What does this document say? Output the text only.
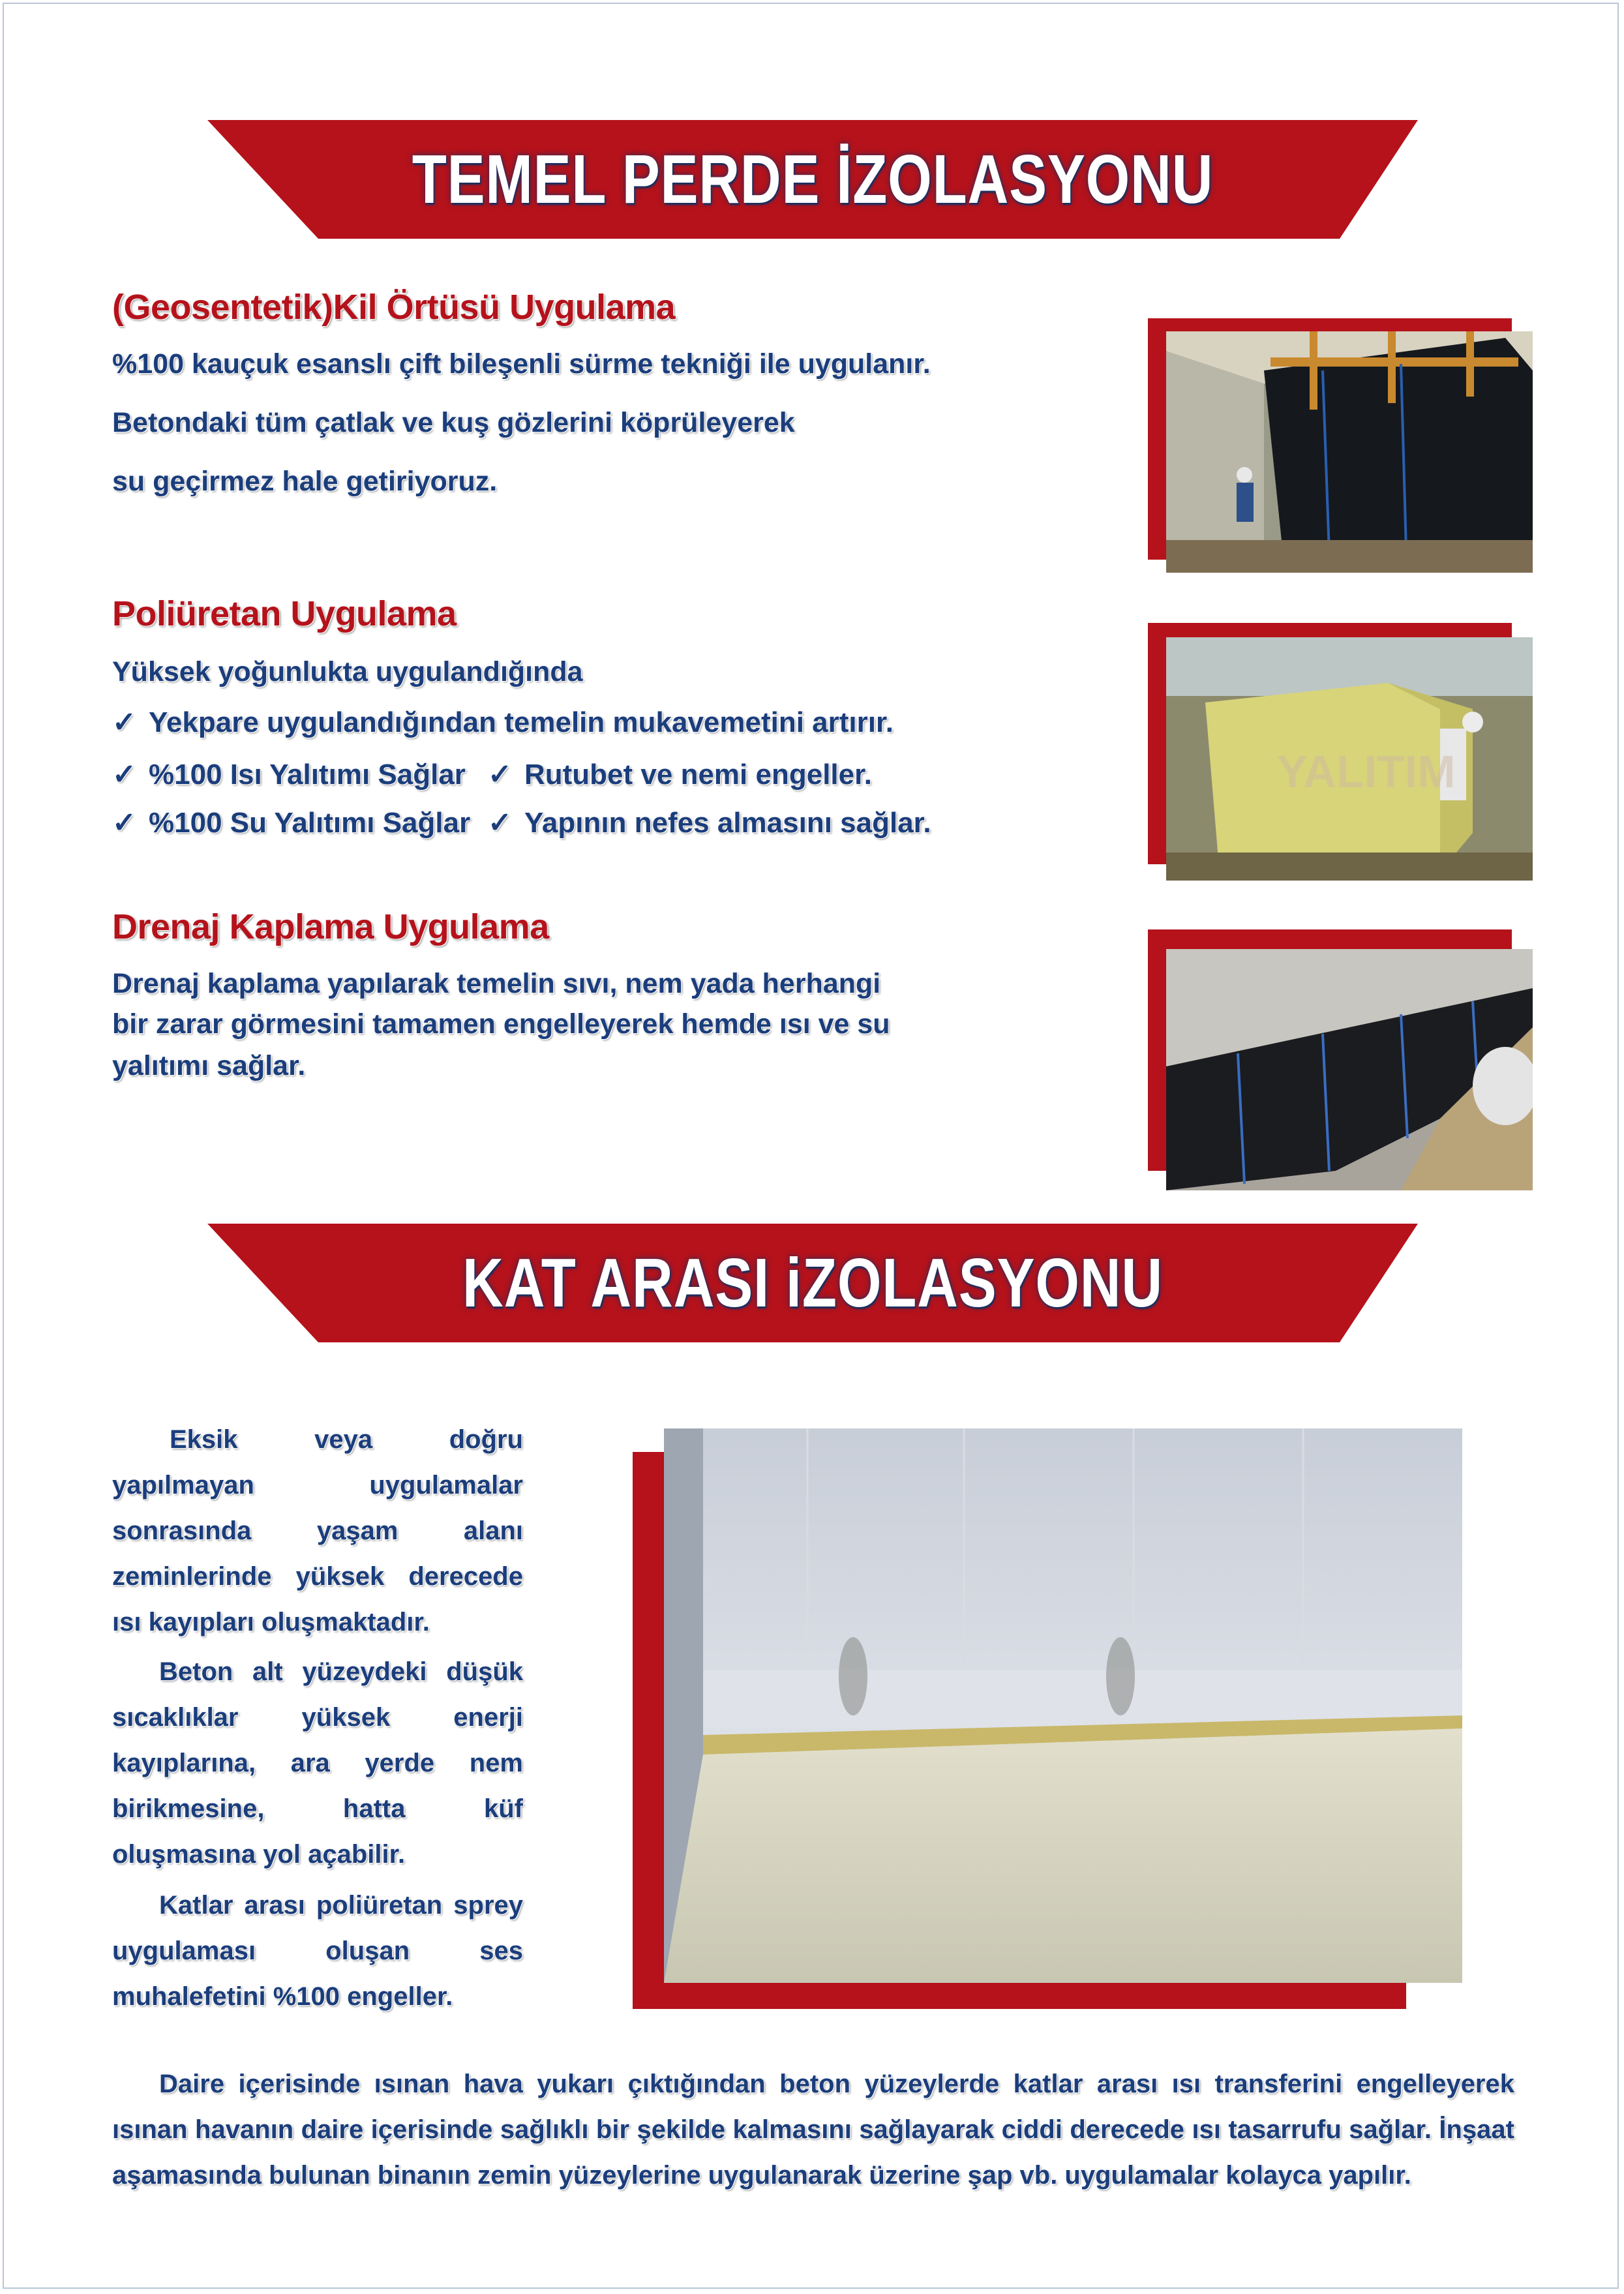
TEMEL PERDE İZOLASYONU
(Geosentetik)Kil Örtüsü Uygulama
%100 kauçuk esanslı çift bileşenli sürme tekniği ile uygulanır.
Betondaki tüm çatlak ve kuş gözlerini köprüleyerek
su geçirmez hale getiriyoruz.
Poliüretan Uygulama
Yüksek yoğunlukta uygulandığında
✓ Yekpare uygulandığından temelin mukavemetini artırır.
✓ %100 Isı Yalıtımı Sağlar ✓ Rutubet ve nemi engeller.
✓ %100 Su Yalıtımı Sağlar ✓ Yapının nefes almasını sağlar.
Drenaj Kaplama Uygulama
Drenaj kaplama yapılarak temelin sıvı, nem yada herhangi
bir zarar görmesini tamamen engelleyerek hemde ısı ve su
yalıtımı sağlar.
YALITIM
KAT ARASI iZOLASYONU
Eksik veya doğru yapılmayan uygulamalar sonrasında yaşam alanı zeminlerinde yüksek derecede ısı kayıpları oluşmaktadır.
Beton alt yüzeydeki düşük sıcaklıklar yüksek enerji kayıplarına, ara yerde nem birikmesine, hatta küf oluşmasına yol açabilir.
Katlar arası poliüretan sprey uygulaması oluşan ses muhalefetini %100 engeller.
Daire içerisinde ısınan hava yukarı çıktığından beton yüzeylerde katlar arası ısı transferini engelleyerek ısınan havanın daire içerisinde sağlıklı bir şekilde kalmasını sağlayarak ciddi derecede ısı tasarrufu sağlar. İnşaat aşamasında bulunan binanın zemin yüzeylerine uygulanarak üzerine şap vb. uygulamalar kolayca yapılır.
